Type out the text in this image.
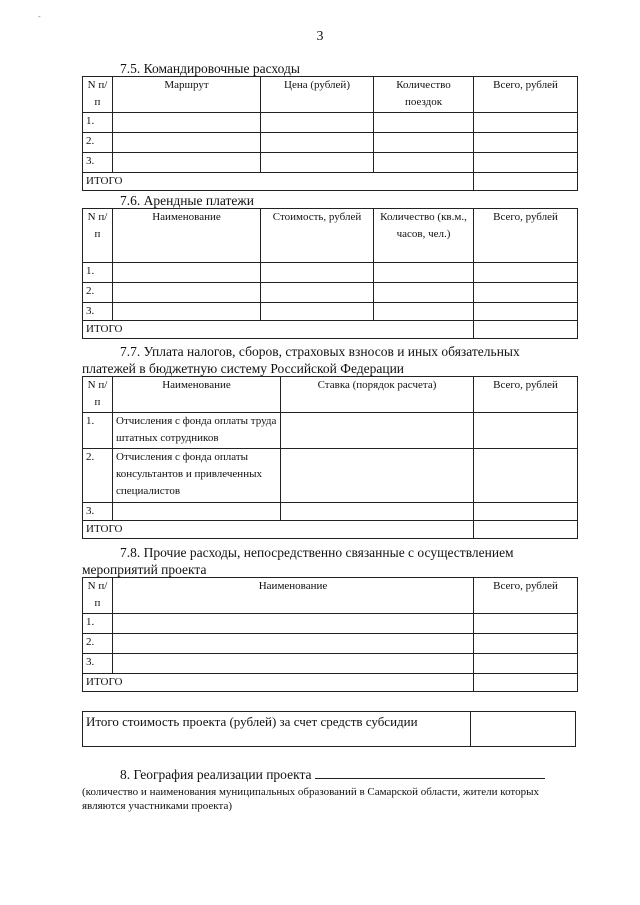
-
3
7.5. Командировочные расходы
N п/п	Маршрут	Цена (рублей)	Количество поездок	Всего, рублей
1.				
2.				
3.				
ИТОГО				
7.6. Арендные платежи
N п/п	Наименование	Стоимость, рублей	Количество (кв.м., часов, чел.)	Всего, рублей
1.				
2.				
3.				
ИТОГО				
7.7. Уплата налогов, сборов, страховых взносов и иных обязательных
платежей в бюджетную систему Российской Федерации
N п/п	Наименование	Ставка (порядок расчета)	Всего, рублей
1.	Отчисления с фонда оплаты труда штатных сотрудников		
2.	Отчисления с фонда оплаты консультантов и привлеченных специалистов		
3.			
ИТОГО			
7.8. Прочие расходы, непосредственно связанные с осуществлением
мероприятий проекта
N п/п	Наименование	Всего, рублей
1.		
2.		
3.		
ИТОГО		
Итого стоимость проекта (рублей) за счет средств субсидии
8. География реализации проекта
(количество и наименования муниципальных образований в Самарской области, жители которых являются участниками проекта)
